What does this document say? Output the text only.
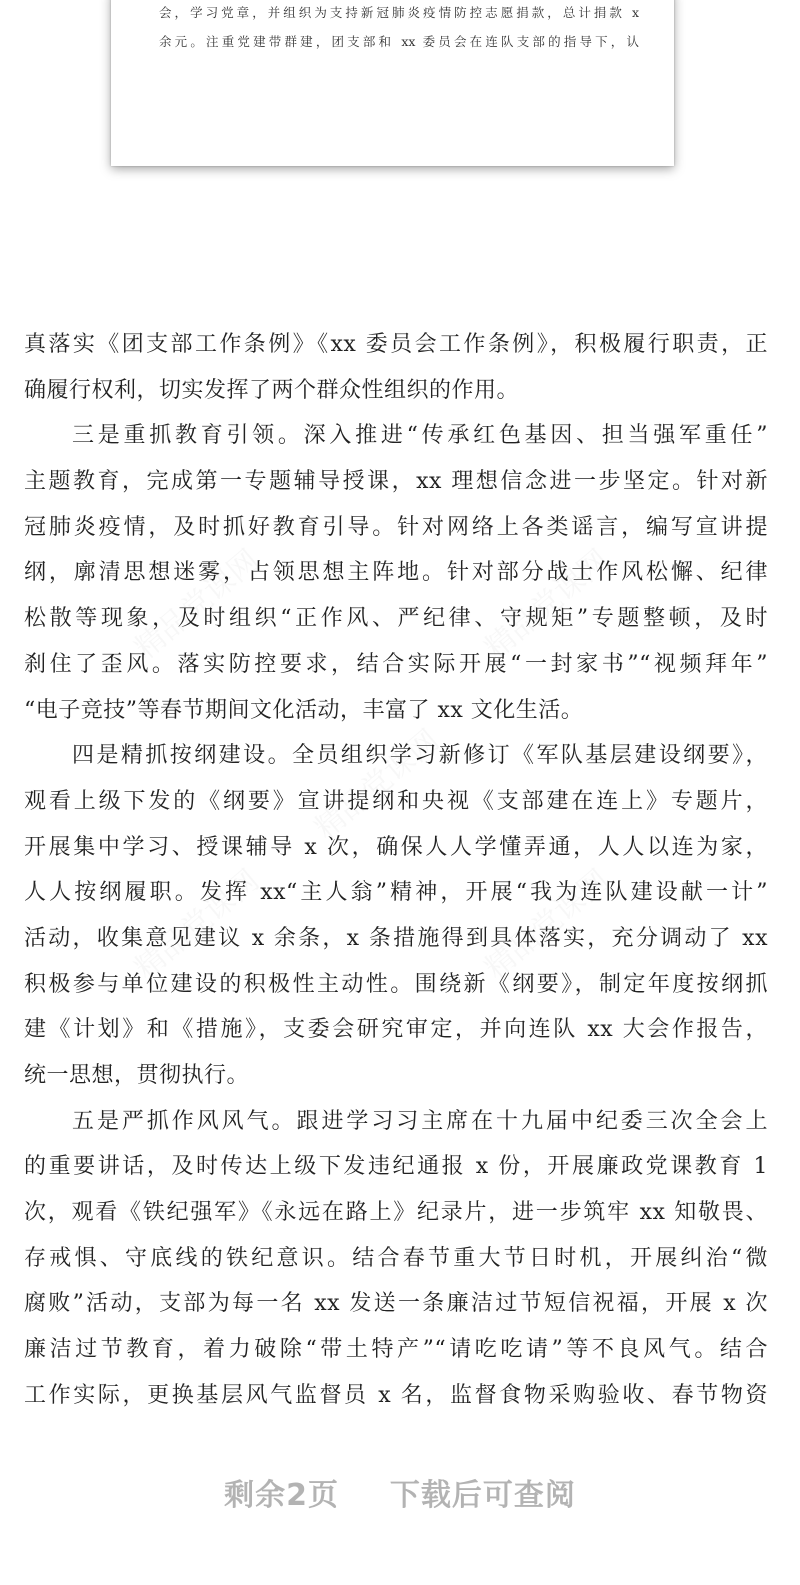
会，学习党章，并组织为支持新冠肺炎疫情防控志愿捐款，总计捐款 x
余元。注重党建带群建，团支部和 xx 委员会在连队支部的指导下，认
精品党课网	精品党课网
精品党课网
精品党课网	精品党课网
真落实《团支部工作条例》《xx 委员会工作条例》，积极履行职责，正
确履行权利，切实发挥了两个群众性组织的作用。
三是重抓教育引领。深入推进“传承红色基因、担当强军重任”
主题教育，完成第一专题辅导授课，xx 理想信念进一步坚定。针对新
冠肺炎疫情，及时抓好教育引导。针对网络上各类谣言，编写宣讲提
纲，廓清思想迷雾，占领思想主阵地。针对部分战士作风松懈、纪律
松散等现象，及时组织“正作风、严纪律、守规矩”专题整顿，及时
刹住了歪风。落实防控要求，结合实际开展“一封家书”“视频拜年”
“电子竞技”等春节期间文化活动，丰富了 xx 文化生活。
四是精抓按纲建设。全员组织学习新修订《军队基层建设纲要》，
观看上级下发的《纲要》宣讲提纲和央视《支部建在连上》专题片，
开展集中学习、授课辅导 x 次，确保人人学懂弄通，人人以连为家，
人人按纲履职。发挥 xx“主人翁”精神，开展“我为连队建设献一计”
活动，收集意见建议 x 余条，x 条措施得到具体落实，充分调动了 xx
积极参与单位建设的积极性主动性。围绕新《纲要》，制定年度按纲抓
建《计划》和《措施》，支委会研究审定，并向连队 xx 大会作报告，
统一思想，贯彻执行。
五是严抓作风风气。跟进学习习主席在十九届中纪委三次全会上
的重要讲话，及时传达上级下发违纪通报 x 份，开展廉政党课教育 1
次，观看《铁纪强军》《永远在路上》纪录片，进一步筑牢 xx 知敬畏、
存戒惧、守底线的铁纪意识。结合春节重大节日时机，开展纠治“微
腐败”活动，支部为每一名 xx 发送一条廉洁过节短信祝福，开展 x 次
廉洁过节教育，着力破除“带土特产”“请吃吃请”等不良风气。结合
工作实际，更换基层风气监督员 x 名，监督食物采购验收、春节物资
剩余2页 下载后可查阅
